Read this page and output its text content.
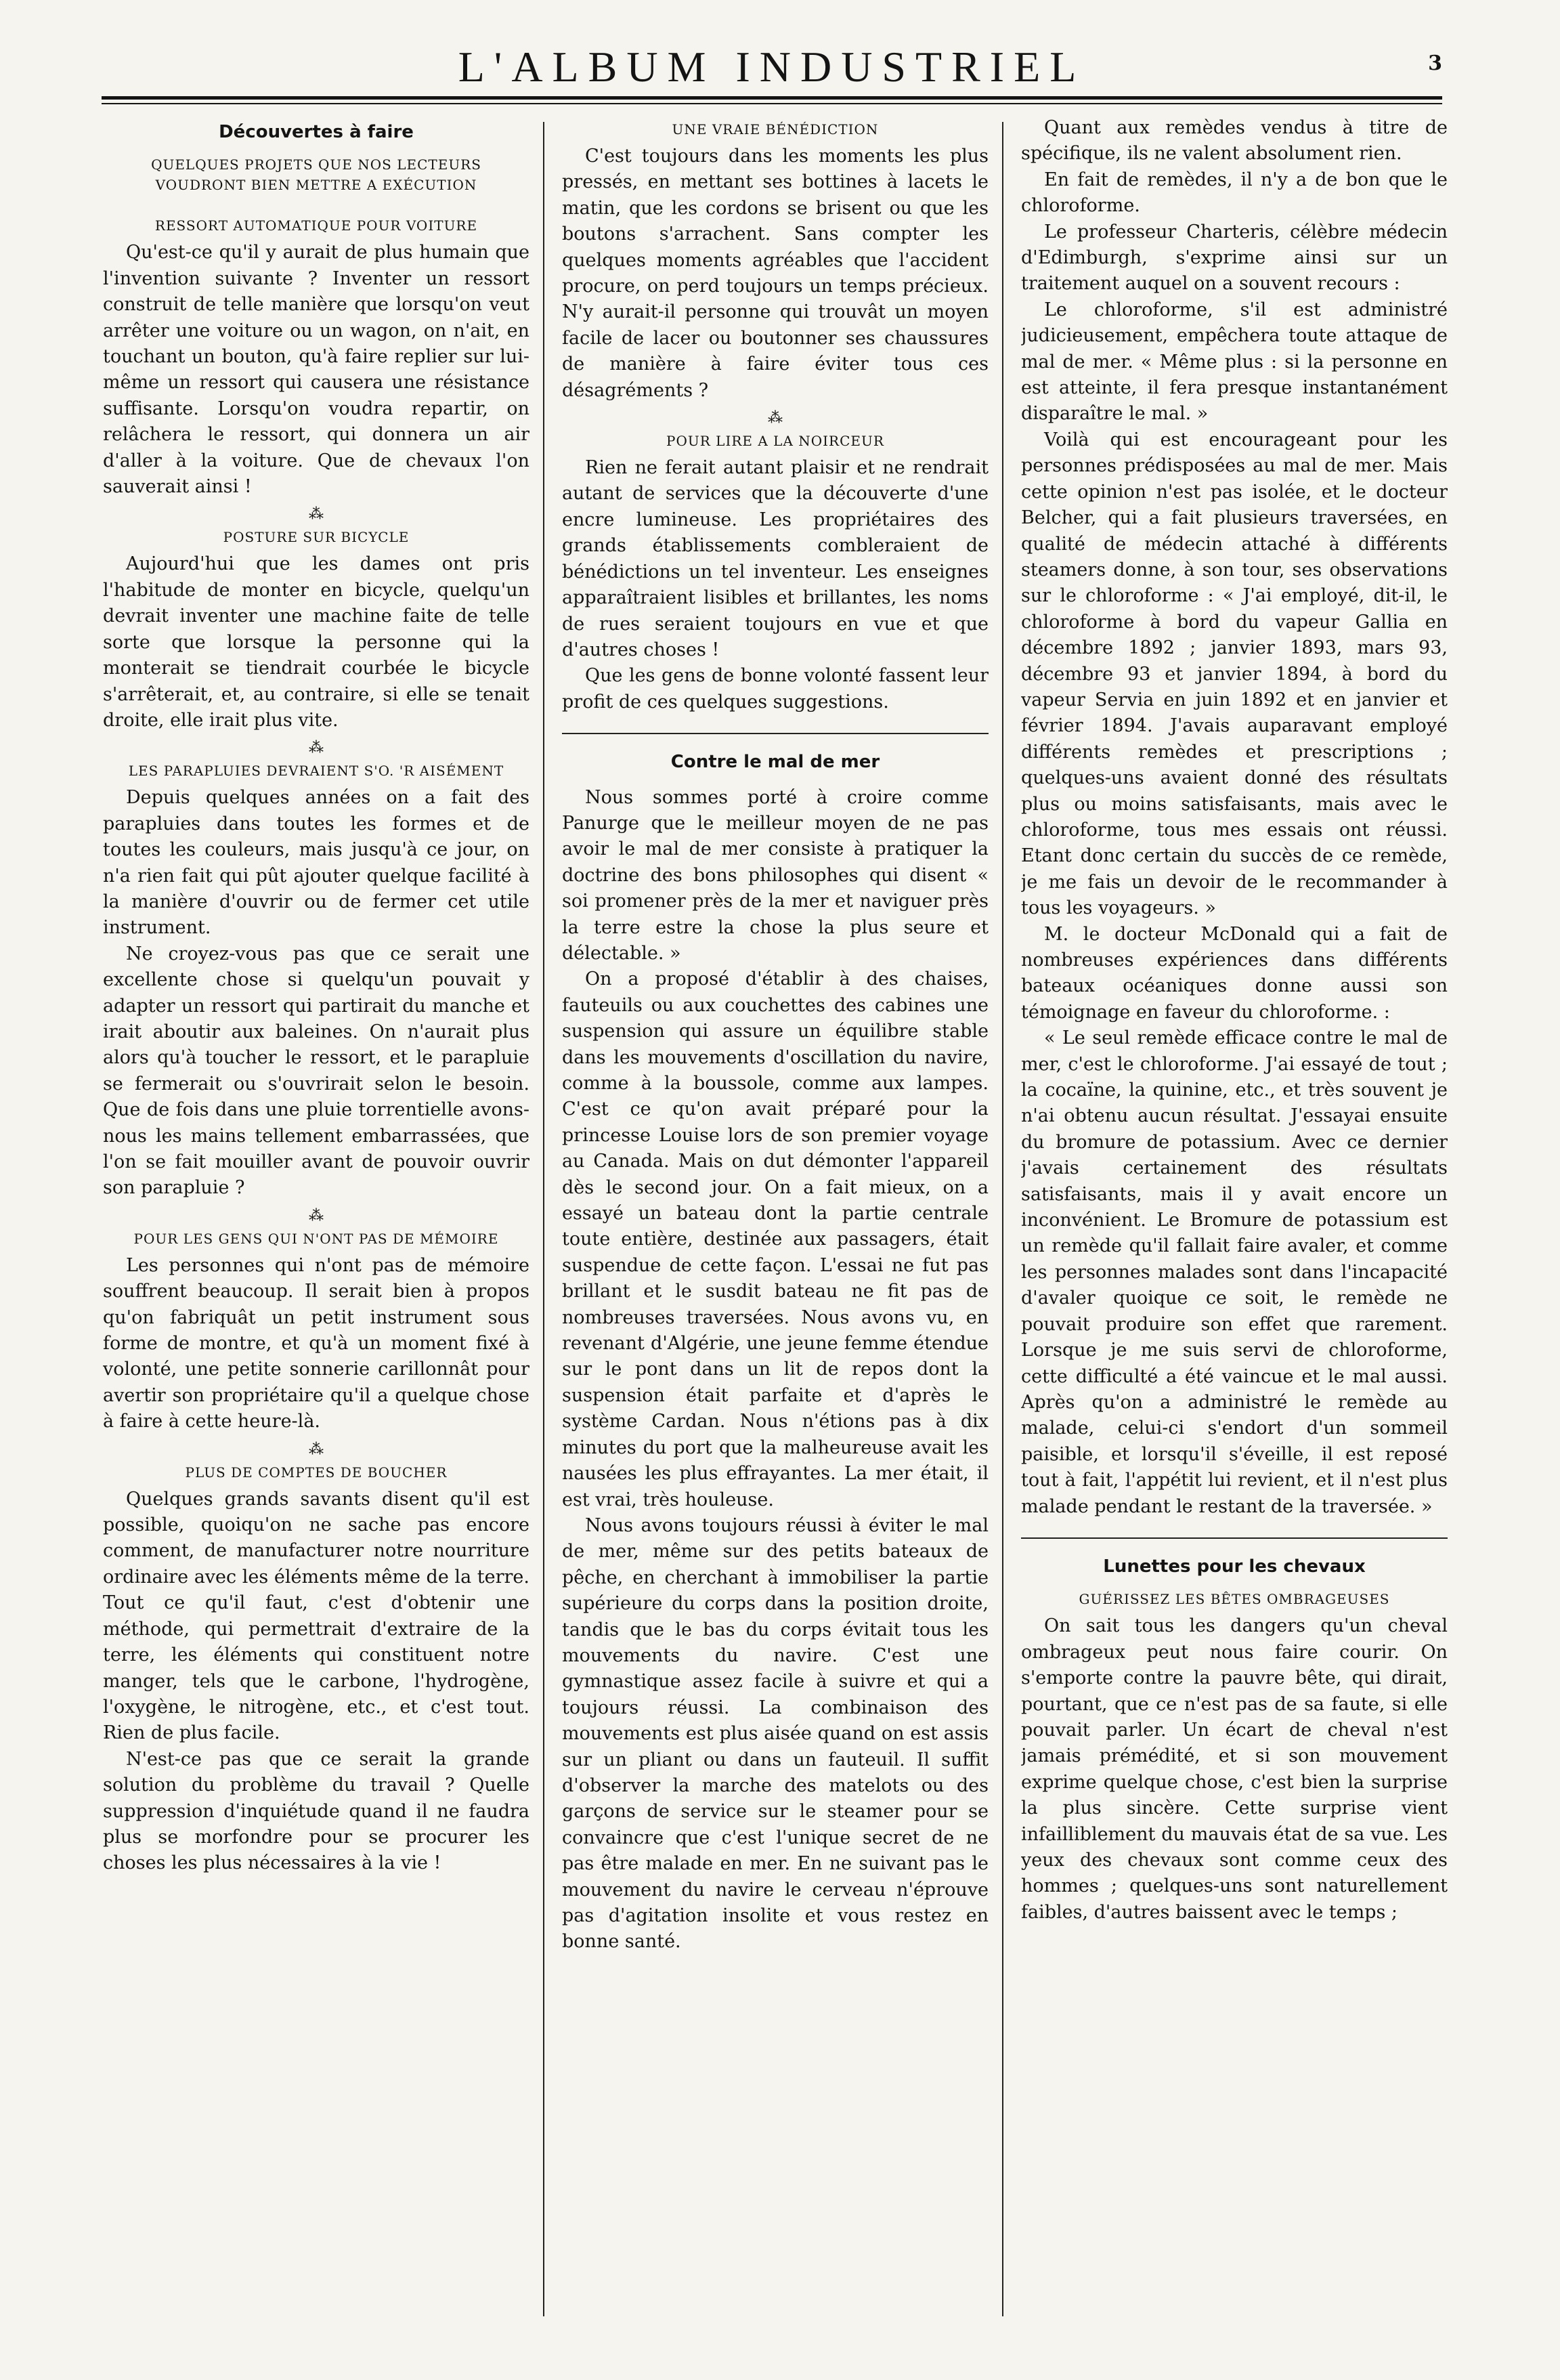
L'ALBUM INDUSTRIEL	3
Découvertes à faire
QUELQUES PROJETS QUE NOS LECTEURS VOUDRONT BIEN METTRE A EXÉCUTION
RESSORT AUTOMATIQUE POUR VOITURE

Qu'est-ce qu'il y aurait de plus humain que l'invention suivante ? Inventer un ressort construit de telle manière que lorsqu'on veut arrêter une voiture ou un wagon, on n'ait, en touchant un bouton, qu'à faire replier sur lui-même un ressort qui causera une résistance suffisante. Lorsqu'on voudra repartir, on relâchera le ressort, qui donnera un air d'aller à la voiture. Que de chevaux l'on sauverait ainsi !

⁂
POSTURE SUR BICYCLE

Aujourd'hui que les dames ont pris l'habitude de monter en bicycle, quelqu'un devrait inventer une machine faite de telle sorte que lorsque la personne qui la monterait se tiendrait courbée le bicycle s'arrêterait, et, au contraire, si elle se tenait droite, elle irait plus vite.

⁂
LES PARAPLUIES DEVRAIENT S'O. 'R AISÉMENT

Depuis quelques années on a fait des parapluies dans toutes les formes et de toutes les couleurs, mais jusqu'à ce jour, on n'a rien fait qui pût ajouter quelque facilité à la manière d'ouvrir ou de fermer cet utile instrument.

Ne croyez-vous pas que ce serait une excellente chose si quelqu'un pouvait y adapter un ressort qui partirait du manche et irait aboutir aux baleines. On n'aurait plus alors qu'à toucher le ressort, et le parapluie se fermerait ou s'ouvrirait selon le besoin. Que de fois dans une pluie torrentielle avons-nous les mains tellement embarrassées, que l'on se fait mouiller avant de pouvoir ouvrir son parapluie ?

⁂
POUR LES GENS QUI N'ONT PAS DE MÉMOIRE

Les personnes qui n'ont pas de mémoire souffrent beaucoup. Il serait bien à propos qu'on fabriquât un petit instrument sous forme de montre, et qu'à un moment fixé à volonté, une petite sonnerie carillonnât pour avertir son propriétaire qu'il a quelque chose à faire à cette heure-là.

⁂
PLUS DE COMPTES DE BOUCHER

Quelques grands savants disent qu'il est possible, quoiqu'on ne sache pas encore comment, de manufacturer notre nourriture ordinaire avec les éléments même de la terre. Tout ce qu'il faut, c'est d'obtenir une méthode, qui permettrait d'extraire de la terre, les éléments qui constituent notre manger, tels que le carbone, l'hydrogène, l'oxygène, le nitrogène, etc., et c'est tout. Rien de plus facile.

N'est-ce pas que ce serait la grande solution du problème du travail ? Quelle suppression d'inquiétude quand il ne faudra plus se morfondre pour se procurer les choses les plus nécessaires à la vie !

UNE VRAIE BÉNÉDICTION

C'est toujours dans les moments les plus pressés, en mettant ses bottines à lacets le matin, que les cordons se brisent ou que les boutons s'arrachent. Sans compter les quelques moments agréables que l'accident procure, on perd toujours un temps précieux. N'y aurait-il personne qui trouvât un moyen facile de lacer ou boutonner ses chaussures de manière à faire éviter tous ces désagréments ?

⁂
POUR LIRE A LA NOIRCEUR

Rien ne ferait autant plaisir et ne rendrait autant de services que la découverte d'une encre lumineuse. Les propriétaires des grands établissements combleraient de bénédictions un tel inventeur. Les enseignes apparaîtraient lisibles et brillantes, les noms de rues seraient toujours en vue et que d'autres choses !

Que les gens de bonne volonté fassent leur profit de ces quelques suggestions.

Contre le mal de mer

Nous sommes porté à croire comme Panurge que le meilleur moyen de ne pas avoir le mal de mer consiste à pratiquer la doctrine des bons philosophes qui disent « soi promener près de la mer et naviguer près la terre estre la chose la plus seure et délectable. »

On a proposé d'établir à des chaises, fauteuils ou aux couchettes des cabines une suspension qui assure un équilibre stable dans les mouvements d'oscillation du navire, comme à la boussole, comme aux lampes. C'est ce qu'on avait préparé pour la princesse Louise lors de son premier voyage au Canada. Mais on dut démonter l'appareil dès le second jour. On a fait mieux, on a essayé un bateau dont la partie centrale toute entière, destinée aux passagers, était suspendue de cette façon. L'essai ne fut pas brillant et le susdit bateau ne fit pas de nombreuses traversées. Nous avons vu, en revenant d'Algérie, une jeune femme étendue sur le pont dans un lit de repos dont la suspension était parfaite et d'après le système Cardan. Nous n'étions pas à dix minutes du port que la malheureuse avait les nausées les plus effrayantes. La mer était, il est vrai, très houleuse.

Nous avons toujours réussi à éviter le mal de mer, même sur des petits bateaux de pêche, en cherchant à immobiliser la partie supérieure du corps dans la position droite, tandis que le bas du corps évitait tous les mouvements du navire. C'est une gymnastique assez facile à suivre et qui a toujours réussi. La combinaison des mouvements est plus aisée quand on est assis sur un pliant ou dans un fauteuil. Il suffit d'observer la marche des matelots ou des garçons de service sur le steamer pour se convaincre que c'est l'unique secret de ne pas être malade en mer. En ne suivant pas le mouvement du navire le cerveau n'éprouve pas d'agitation insolite et vous restez en bonne santé.

Quant aux remèdes vendus à titre de spécifique, ils ne valent absolument rien.

En fait de remèdes, il n'y a de bon que le chloroforme.

Le professeur Charteris, célèbre médecin d'Edimburgh, s'exprime ainsi sur un traitement auquel on a souvent recours :

Le chloroforme, s'il est administré judicieusement, empêchera toute attaque de mal de mer. « Même plus : si la personne en est atteinte, il fera presque instantanément disparaître le mal. »

Voilà qui est encourageant pour les personnes prédisposées au mal de mer. Mais cette opinion n'est pas isolée, et le docteur Belcher, qui a fait plusieurs traversées, en qualité de médecin attaché à différents steamers donne, à son tour, ses observations sur le chloroforme : « J'ai employé, dit-il, le chloroforme à bord du vapeur Gallia en décembre 1892 ; janvier 1893, mars 93, décembre 93 et janvier 1894, à bord du vapeur Servia en juin 1892 et en janvier et février 1894. J'avais auparavant employé différents remèdes et prescriptions ; quelques-uns avaient donné des résultats plus ou moins satisfaisants, mais avec le chloroforme, tous mes essais ont réussi. Etant donc certain du succès de ce remède, je me fais un devoir de le recommander à tous les voyageurs. »

M. le docteur McDonald qui a fait de nombreuses expériences dans différents bateaux océaniques donne aussi son témoignage en faveur du chloroforme. :

« Le seul remède efficace contre le mal de mer, c'est le chloroforme. J'ai essayé de tout ; la cocaïne, la quinine, etc., et très souvent je n'ai obtenu aucun résultat. J'essayai ensuite du bromure de potassium. Avec ce dernier j'avais certainement des résultats satisfaisants, mais il y avait encore un inconvénient. Le Bromure de potassium est un remède qu'il fallait faire avaler, et comme les personnes malades sont dans l'incapacité d'avaler quoique ce soit, le remède ne pouvait produire son effet que rarement. Lorsque je me suis servi de chloroforme, cette difficulté a été vaincue et le mal aussi. Après qu'on a administré le remède au malade, celui-ci s'endort d'un sommeil paisible, et lorsqu'il s'éveille, il est reposé tout à fait, l'appétit lui revient, et il n'est plus malade pendant le restant de la traversée. »

Lunettes pour les chevaux
GUÉRISSEZ LES BÊTES OMBRAGEUSES

On sait tous les dangers qu'un cheval ombrageux peut nous faire courir. On s'emporte contre la pauvre bête, qui dirait, pourtant, que ce n'est pas de sa faute, si elle pouvait parler. Un écart de cheval n'est jamais prémédité, et si son mouvement exprime quelque chose, c'est bien la surprise la plus sincère. Cette surprise vient infailliblement du mauvais état de sa vue. Les yeux des chevaux sont comme ceux des hommes ; quelques-uns sont naturellement faibles, d'autres baissent avec le temps ;
